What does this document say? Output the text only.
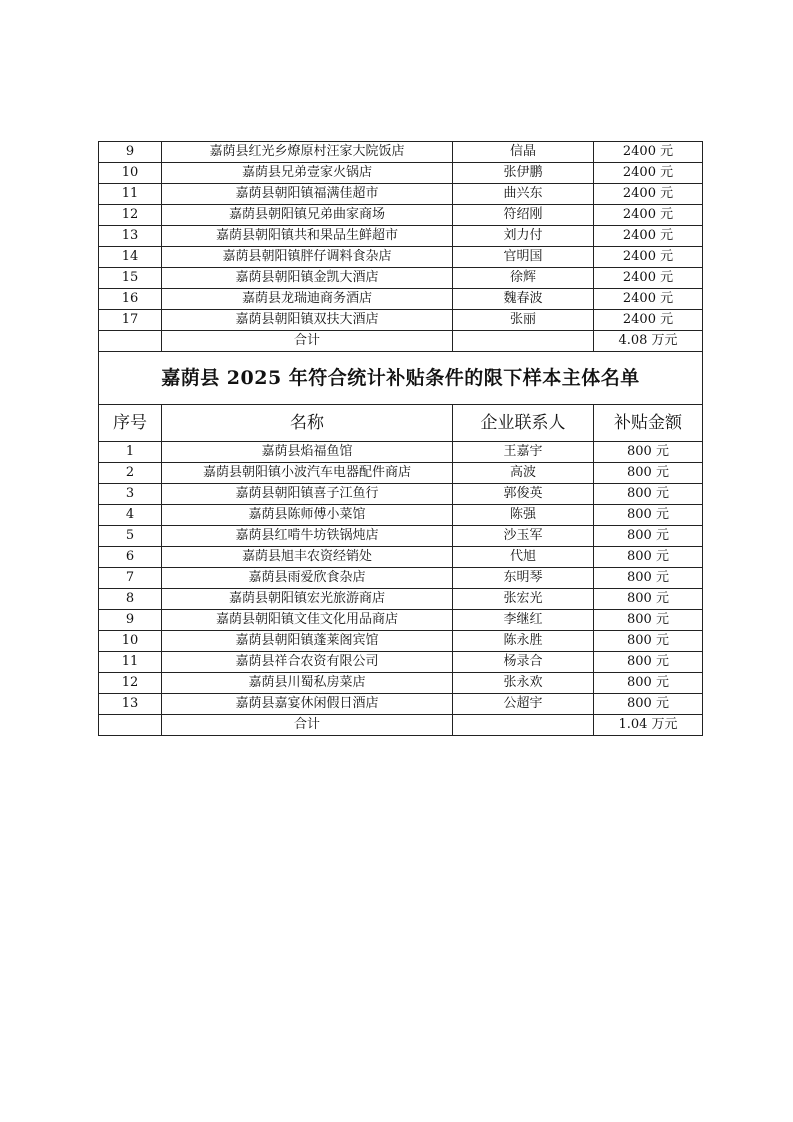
9	嘉荫县红光乡燎原村汪家大院饭店	信晶	2400 元
10	嘉荫县兄弟壹家火锅店	张伊鹏	2400 元
11	嘉荫县朝阳镇福满佳超市	曲兴东	2400 元
12	嘉荫县朝阳镇兄弟曲家商场	符绍刚	2400 元
13	嘉荫县朝阳镇共和果品生鲜超市	刘力付	2400 元
14	嘉荫县朝阳镇胖仔调料食杂店	官明国	2400 元
15	嘉荫县朝阳镇金凯大酒店	徐辉	2400 元
16	嘉荫县龙瑞迪商务酒店	魏春波	2400 元
17	嘉荫县朝阳镇双扶大酒店	张丽	2400 元
	合计		4.08 万元
嘉荫县 2025 年符合统计补贴条件的限下样本主体名单			
序号	名称	企业联系人	补贴金额
1	嘉荫县焰福鱼馆	王嘉宇	800 元
2	嘉荫县朝阳镇小波汽车电器配件商店	高波	800 元
3	嘉荫县朝阳镇喜子江鱼行	郭俊英	800 元
4	嘉荫县陈师傅小菜馆	陈强	800 元
5	嘉荫县红啃牛坊铁锅炖店	沙玉军	800 元
6	嘉荫县旭丰农资经销处	代旭	800 元
7	嘉荫县雨爱欣食杂店	东明琴	800 元
8	嘉荫县朝阳镇宏光旅游商店	张宏光	800 元
9	嘉荫县朝阳镇文佳文化用品商店	李继红	800 元
10	嘉荫县朝阳镇蓬莱阁宾馆	陈永胜	800 元
11	嘉荫县祥合农资有限公司	杨录合	800 元
12	嘉荫县川蜀私房菜店	张永欢	800 元
13	嘉荫县嘉宴休闲假日酒店	公超宇	800 元
	合计		1.04 万元
